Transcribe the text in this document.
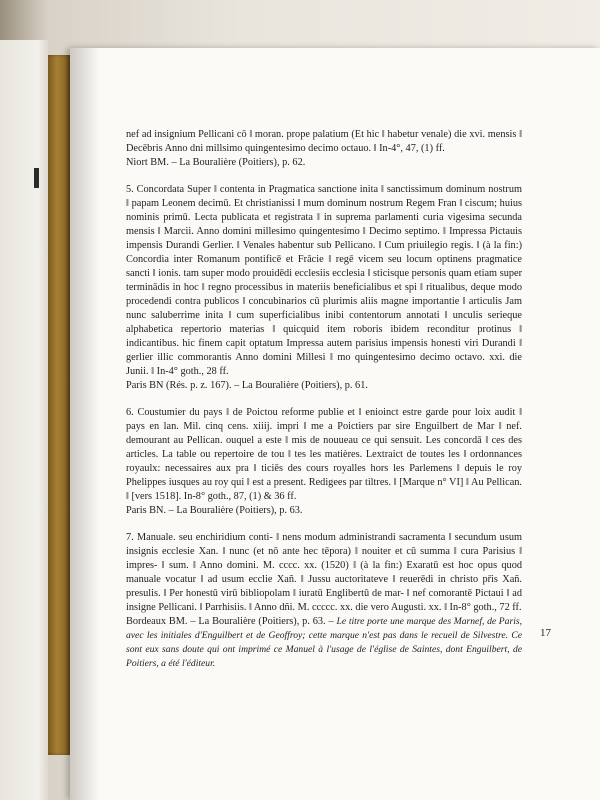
nef ad insignium Pellicani cō ‖ moran. prope palatium (Et hic ‖ habetur venale) die xvi. mensis ‖ Decēbris Anno dni millsimo quingentesimo decimo octauo. ‖ In-4°, 47, (1) ff.

Niort BM. – La Bouralière (Poitiers), p. 62.

5. Concordata Super ‖ contenta in Pragmatica sanctione inita ‖ sanctissimum dominum nostrum ‖ papam Leonem decimū. Et christianissi ‖ mum dominum nostrum Regem Fran ‖ ciscum; huius nominis primū. Lecta publicata et registrata ‖ in suprema parlamenti curia vigesima secunda mensis ‖ Marcii. Anno domini millesimo quingentesimo ‖ Decimo septimo. ‖ Impressa Pictauis impensis Durandi Gerlier. ‖ Venales habentur sub Pellicano. ‖ Cum priuilegio regis. ‖ (à la fin:) Concordia inter Romanum pontificē et Frācie ‖ regē vicem seu locum optinens pragmatice sancti ‖ ionis. tam super modo prouidēdi ecclesiis ecclesia ‖ sticisque personis quam etiam super terminādis in hoc ‖ regno processibus in materiis beneficialibus et spi ‖ ritualibus, deque modo procedendi contra publicos ‖ concubinarios cū plurimis aliis magne importantie ‖ articulis Jam nunc saluberrime inita ‖ cum superficialibus inibi contentorum annotati ‖ unculis serieque alphabetica repertorio materias ‖ quicquid item roboris ibidem reconditur protinus ‖ indicantibus. hic finem capit optatum Impressa autem parisius impensis honesti viri Durandi ‖ gerlier illic commorantis Anno domini Millesi ‖ mo quingentesimo decimo octavo. xxi. die Junii. ‖ In-4° goth., 28 ff.

Paris BN (Rés. p. z. 167). – La Bouralière (Poitiers), p. 61.

6. Coustumier du pays ‖ de Poictou reforme publie et ‖ enioinct estre garde pour loix audit ‖ pays en lan. Mil. cinq cens. xiiij. impri ‖ me a Poictiers par sire Enguilbert de Mar ‖ nef. demourant au Pellican. ouquel a este ‖ mis de nouueau ce qui sensuit. Les concordā ‖ ces des articles. La table ou repertoire de tou ‖ tes les matières. Lextraict de toutes les ‖ ordonnances royaulx: necessaires aux pra ‖ ticiēs des cours royalles hors les Parlemens ‖ depuis le roy Phelippes iusques au roy qui ‖ est a present. Redigees par tiltres. ‖ [Marque n° VI] ‖ Au Pellican. ‖ [vers 1518]. In-8° goth., 87, (1) & 36 ff.

Paris BN. – La Bouralière (Poitiers), p. 63.

7. Manuale. seu enchiridium conti- ‖ nens modum administrandi sacramenta ‖ secundum usum insignis ecclesie Xan. ‖ nunc (et nō ante hec tēpora) ‖ nouiter et cū summa ‖ cura Parisius ‖ impres- ‖ sum. ‖ Anno domini. M. cccc. xx. (1520) ‖ (à la fin:) Exaratū est hoc opus quod manuale vocatur ‖ ad usum ecclie Xañ. ‖ Jussu auctoritateve ‖ reuerēdi in christo pr̄is Xañ. presulis. ‖ Per honestū virū bibliopolam ‖ iuratū Englibertū de mar- ‖ nef comorantē Pictaui ‖ ad insigne Pellicani. ‖ Parrhisiis. ‖ Anno dñi. M. ccccc. xx. die vero Augusti. xx. ‖ In-8° goth., 72 ff.

Bordeaux BM. – La Bouralière (Poitiers), p. 63. – Le titre porte une marque des Marnef, de Paris, avec les initiales d'Enguilbert et de Geoffroy; cette marque n'est pas dans le recueil de Silvestre. Ce sont eux sans doute qui ont imprimé ce Manuel à l'usage de l'église de Saintes, dont Enguilbert, de Poitiers, a été l'éditeur.

17
